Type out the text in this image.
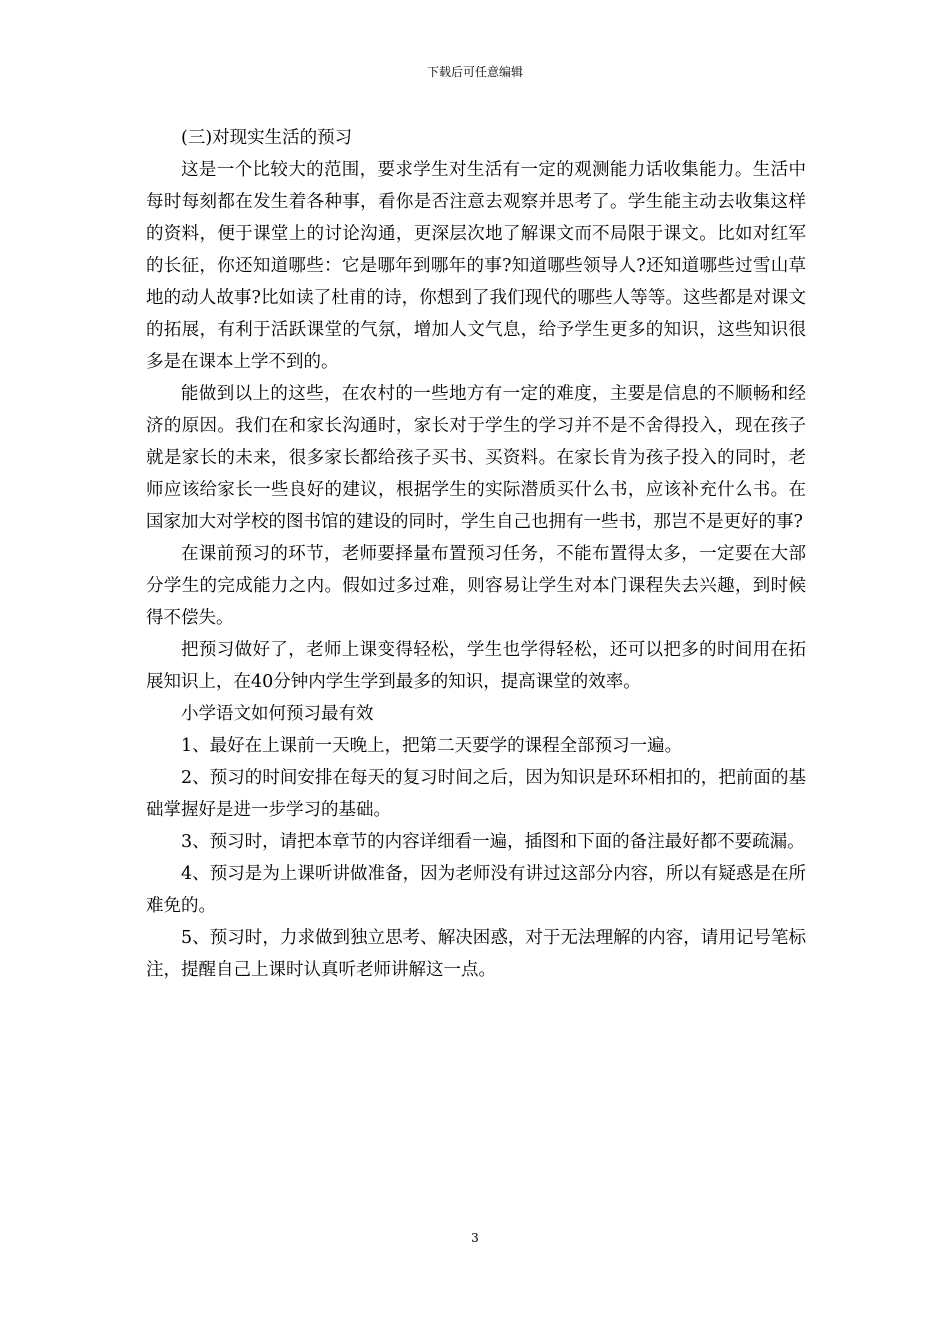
下载后可任意编辑

(三)对现实生活的预习

这是一个比较大的范围，要求学生对生活有一定的观测能力话收集能力。生活中每时每刻都在发生着各种事，看你是否注意去观察并思考了。学生能主动去收集这样的资料，便于课堂上的讨论沟通，更深层次地了解课文而不局限于课文。比如对红军的长征，你还知道哪些：它是哪年到哪年的事?知道哪些领导人?还知道哪些过雪山草地的动人故事?比如读了杜甫的诗，你想到了我们现代的哪些人等等。这些都是对课文的拓展，有利于活跃课堂的气氛，增加人文气息，给予学生更多的知识，这些知识很多是在课本上学不到的。

能做到以上的这些，在农村的一些地方有一定的难度，主要是信息的不顺畅和经济的原因。我们在和家长沟通时，家长对于学生的学习并不是不舍得投入，现在孩子就是家长的未来，很多家长都给孩子买书、买资料。在家长肯为孩子投入的同时，老师应该给家长一些良好的建议，根据学生的实际潜质买什么书，应该补充什么书。在国家加大对学校的图书馆的建设的同时，学生自己也拥有一些书，那岂不是更好的事?

在课前预习的环节，老师要择量布置预习任务，不能布置得太多，一定要在大部分学生的完成能力之内。假如过多过难，则容易让学生对本门课程失去兴趣，到时候得不偿失。

把预习做好了，老师上课变得轻松，学生也学得轻松，还可以把多的时间用在拓展知识上，在40分钟内学生学到最多的知识，提高课堂的效率。

小学语文如何预习最有效

1、最好在上课前一天晚上，把第二天要学的课程全部预习一遍。

2、预习的时间安排在每天的复习时间之后，因为知识是环环相扣的，把前面的基础掌握好是进一步学习的基础。

3、预习时，请把本章节的内容详细看一遍，插图和下面的备注最好都不要疏漏。

4、预习是为上课听讲做准备，因为老师没有讲过这部分内容，所以有疑惑是在所难免的。

5、预习时，力求做到独立思考、解决困惑，对于无法理解的内容，请用记号笔标注，提醒自己上课时认真听老师讲解这一点。

3
